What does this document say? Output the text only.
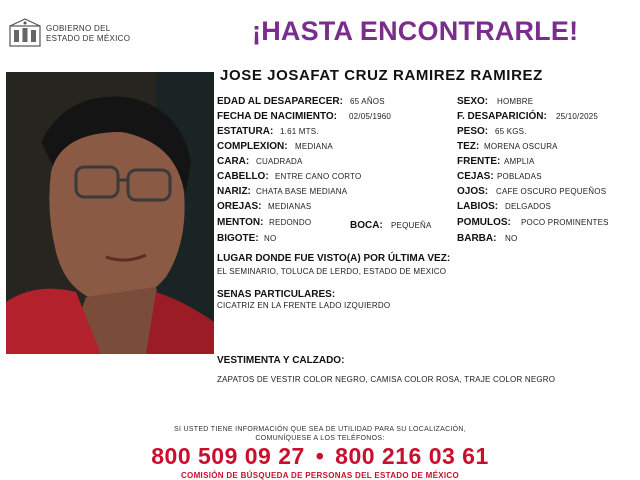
GOBIERNO DEL
ESTADO DE MÉXICO	¡HASTA ENCONTRARLE!
JOSE JOSAFAT CRUZ RAMIREZ RAMIREZ
EDAD AL DESAPARECER: 65 AÑOS
FECHA DE NACIMIENTO: 02/05/1960
ESTATURA: 1.61 MTS.
COMPLEXION: MEDIANA
CARA: CUADRADA
CABELLO: ENTRE CANO CORTO
NARIZ: CHATA BASE MEDIANA
OREJAS: MEDIANAS
MENTON: REDONDO
BIGOTE: NO
BOCA: PEQUEÑA
SEXO: HOMBRE
F. DESAPARICIÓN: 25/10/2025
PESO: 65 KGS.
TEZ: MORENA OSCURA
FRENTE: AMPLIA
CEJAS: POBLADAS
OJOS: CAFE OSCURO PEQUEÑOS
LABIOS: DELGADOS
POMULOS: POCO PROMINENTES
BARBA: NO
LUGAR DONDE FUE VISTO(A) POR ÚLTIMA VEZ:
EL SEMINARIO, TOLUCA DE LERDO, ESTADO DE MEXICO
SENAS PARTICULARES:
CICATRIZ EN LA FRENTE LADO IZQUIERDO
VESTIMENTA Y CALZADO:
ZAPATOS DE VESTIR COLOR NEGRO, CAMISA COLOR ROSA, TRAJE COLOR NEGRO
SI USTED TIENE INFORMACIÓN QUE SEA DE UTILIDAD PARA SU LOCALIZACIÓN,
COMUNÍQUESE A LOS TELÉFONOS:
800 509 09 27 • 800 216 03 61
COMISIÓN DE BÚSQUEDA DE PERSONAS DEL ESTADO DE MÉXICO
